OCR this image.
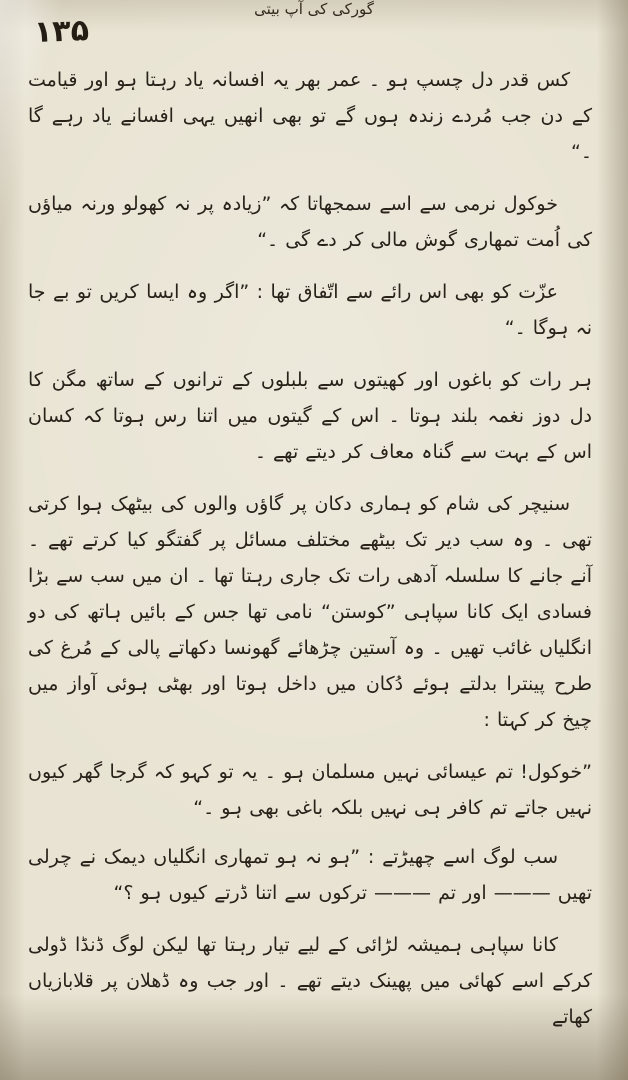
گورکی کی آپ بیتی
۱۳۵

کس قدر دل چسپ ہو ۔ عمر بھر یہ افسانہ یاد رہتا ہو اور قیامت کے دن جب مُردے زندہ ہوں گے تو بھی انھیں یہی افسانے یاد رہے گا ۔“

خوکول نرمی سے اسے سمجھاتا کہ ”زیادہ پر نہ کھولو ورنہ میاؤں کی اُمت تمھاری گوش مالی کر دے گی ۔“

عزّت کو بھی اس رائے سے اتّفاق تھا : ”اگر وہ ایسا کریں تو بے جا نہ ہوگا ۔“

ہر رات کو باغوں اور کھیتوں سے بلبلوں کے ترانوں کے ساتھ مگن کا دل دوز نغمہ بلند ہوتا ۔ اس کے گیتوں میں اتنا رس ہوتا کہ کسان اس کے بہت سے گناہ معاف کر دیتے تھے ۔

سنیچر کی شام کو ہماری دکان پر گاؤں والوں کی بیٹھک ہوا کرتی تھی ۔ وہ سب دیر تک بیٹھے مختلف مسائل پر گفتگو کیا کرتے تھے ۔ آنے جانے کا سلسلہ آدھی رات تک جاری رہتا تھا ۔ ان میں سب سے بڑا فسادی ایک کانا سپاہی ”کوستن“ نامی تھا جس کے بائیں ہاتھ کی دو انگلیاں غائب تھیں ۔ وہ آستین چڑھائے گھونسا دکھاتے پالی کے مُرغ کی طرح پینترا بدلتے ہوئے دُکان میں داخل ہوتا اور بھٹی ہوئی آواز میں چیخ کر کہتا :

”خوکول! تم عیسائی نہیں مسلمان ہو ۔ یہ تو کہو کہ گرجا گھر کیوں نہیں جاتے تم کافر ہی نہیں بلکہ باغی بھی ہو ۔“

سب لوگ اسے چھیڑتے : ”ہو نہ ہو تمھاری انگلیاں دیمک نے چرلی تھیں ——— اور تم ——— ترکوں سے اتنا ڈرتے کیوں ہو ؟“

کانا سپاہی ہمیشہ لڑائی کے لیے تیار رہتا تھا لیکن لوگ ڈنڈا ڈولی کرکے اسے کھائی میں پھینک دیتے تھے ۔ اور جب وہ ڈھلان پر قلابازیاں کھاتے
